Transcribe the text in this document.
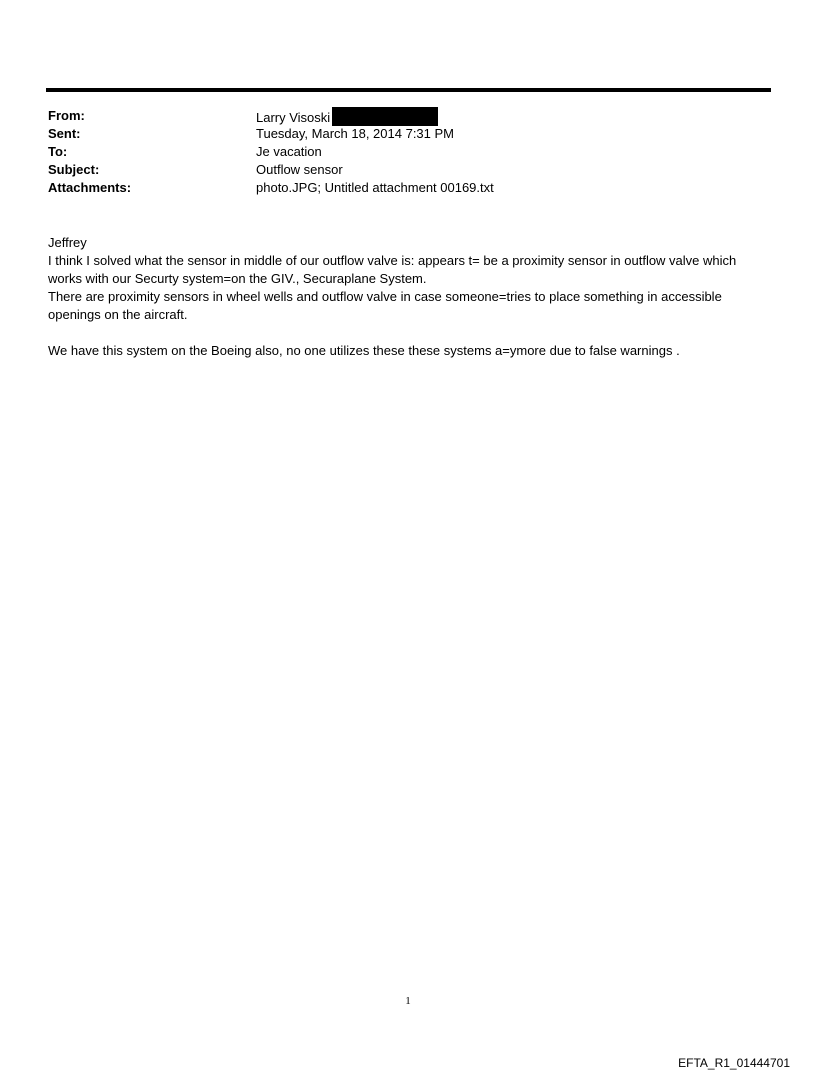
From:	Larry Visoski
Sent:	Tuesday, March 18, 2014 7:31 PM
To:	Je vacation
Subject:	Outflow sensor
Attachments:	photo.JPG; Untitled attachment 00169.txt

Jeffrey

I think I solved what the sensor in middle of our outflow valve is: appears t= be a proximity sensor in outflow valve which

works with our Securty system=on the GIV., Securaplane System.

There are proximity sensors in wheel wells and outflow valve in case someone=tries to place something in accessible

openings on the aircraft.

We have this system on the Boeing also, no one utilizes these these systems a=ymore due to false warnings .

1
EFTA_R1_01444701
